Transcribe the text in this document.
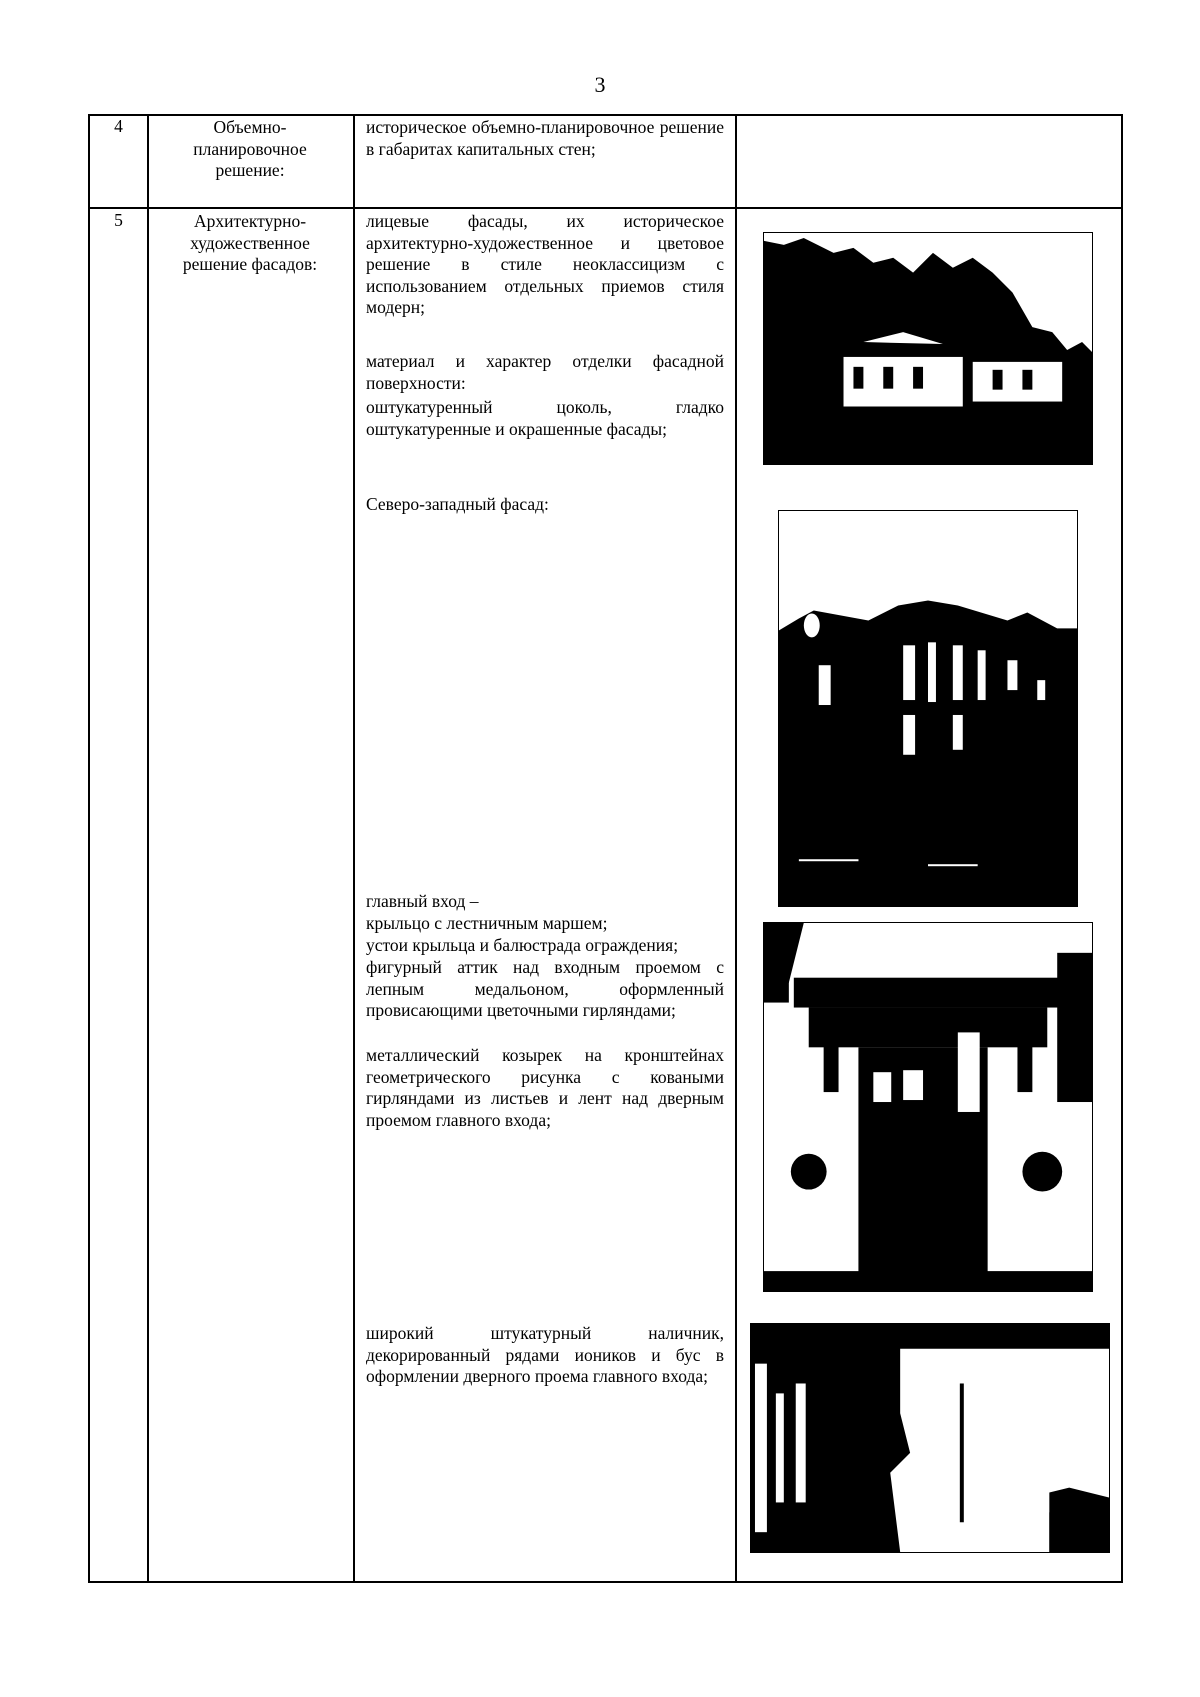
3
4	Объемно-планировочное решение:
историческое объемно-планировочное решение в габаритах капитальных стен;
5	Архитектурно-художественное решение фасадов:
лицевые фасады, их историческое архитектурно-художественное и цветовое решение в стиле неоклассицизм с использованием отдельных приемов стиля модерн;
материал и характер отделки фасадной поверхности:
оштукатуренный цоколь, гладко оштукатуренные и окрашенные фасады;
Северо-западный фасад:
главный вход –
крыльцо с лестничным маршем;
устои крыльца и балюстрада ограждения;
фигурный аттик над входным проемом с лепным медальоном, оформленный провисающими цветочными гирляндами;
металлический козырек на кронштейнах геометрического рисунка с коваными гирляндами из листьев и лент над дверным проемом главного входа;
широкий штукатурный наличник, декорированный рядами иоников и бус в оформлении дверного проема главного входа;
